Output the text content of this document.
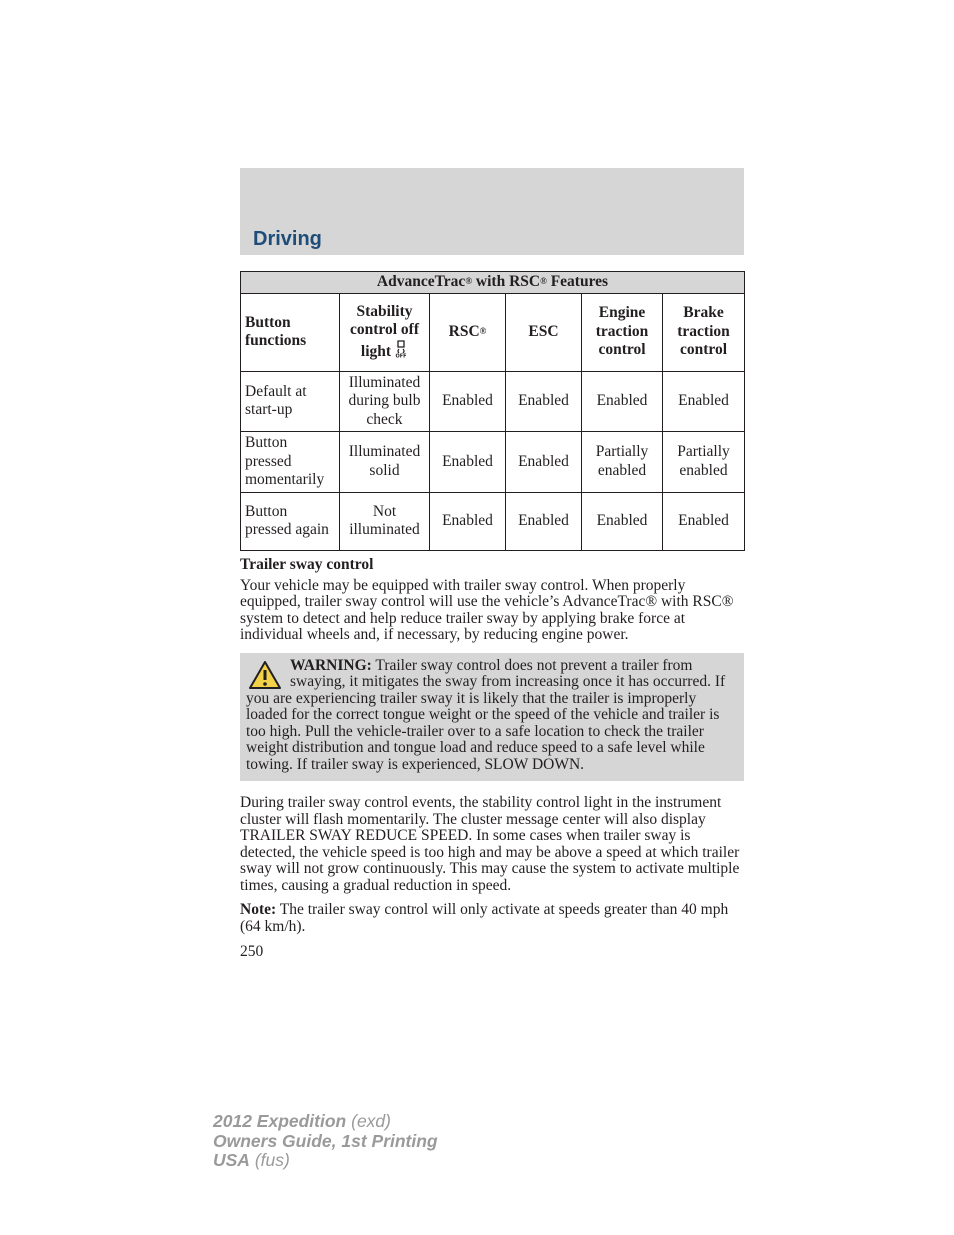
Driving
AdvanceTrac® with RSC® Features					
Button functions	Stability control off light OFF	RSC®	ESC	Engine traction control	Brake traction control
Default at start-up	Illuminated during bulb check	Enabled	Enabled	Enabled	Enabled
Button pressed momentarily	Illuminated solid	Enabled	Enabled	Partially enabled	Partially enabled
Button pressed again	Not illuminated	Enabled	Enabled	Enabled	Enabled
Trailer sway control

Your vehicle may be equipped with trailer sway control. When properly equipped, trailer sway control will use the vehicle’s AdvanceTrac® with RSC® system to detect and help reduce trailer sway by applying brake force at individual wheels and, if necessary, by reducing engine power.

WARNING: Trailer sway control does not prevent a trailer from swaying, it mitigates the sway from increasing once it has occurred. If you are experiencing trailer sway it is likely that the trailer is improperly loaded for the correct tongue weight or the speed of the vehicle and trailer is too high. Pull the vehicle-trailer over to a safe location to check the trailer weight distribution and tongue load and reduce speed to a safe level while towing. If trailer sway is experienced, SLOW DOWN.

During trailer sway control events, the stability control light in the instrument cluster will flash momentarily. The cluster message center will also display TRAILER SWAY REDUCE SPEED. In some cases when trailer sway is detected, the vehicle speed is too high and may be above a speed at which trailer sway will not grow continuously. This may cause the system to activate multiple times, causing a gradual reduction in speed.

Note: The trailer sway control will only activate at speeds greater than 40 mph (64 km/h).

250
2012 Expedition (exd)
Owners Guide, 1st Printing
USA (fus)
